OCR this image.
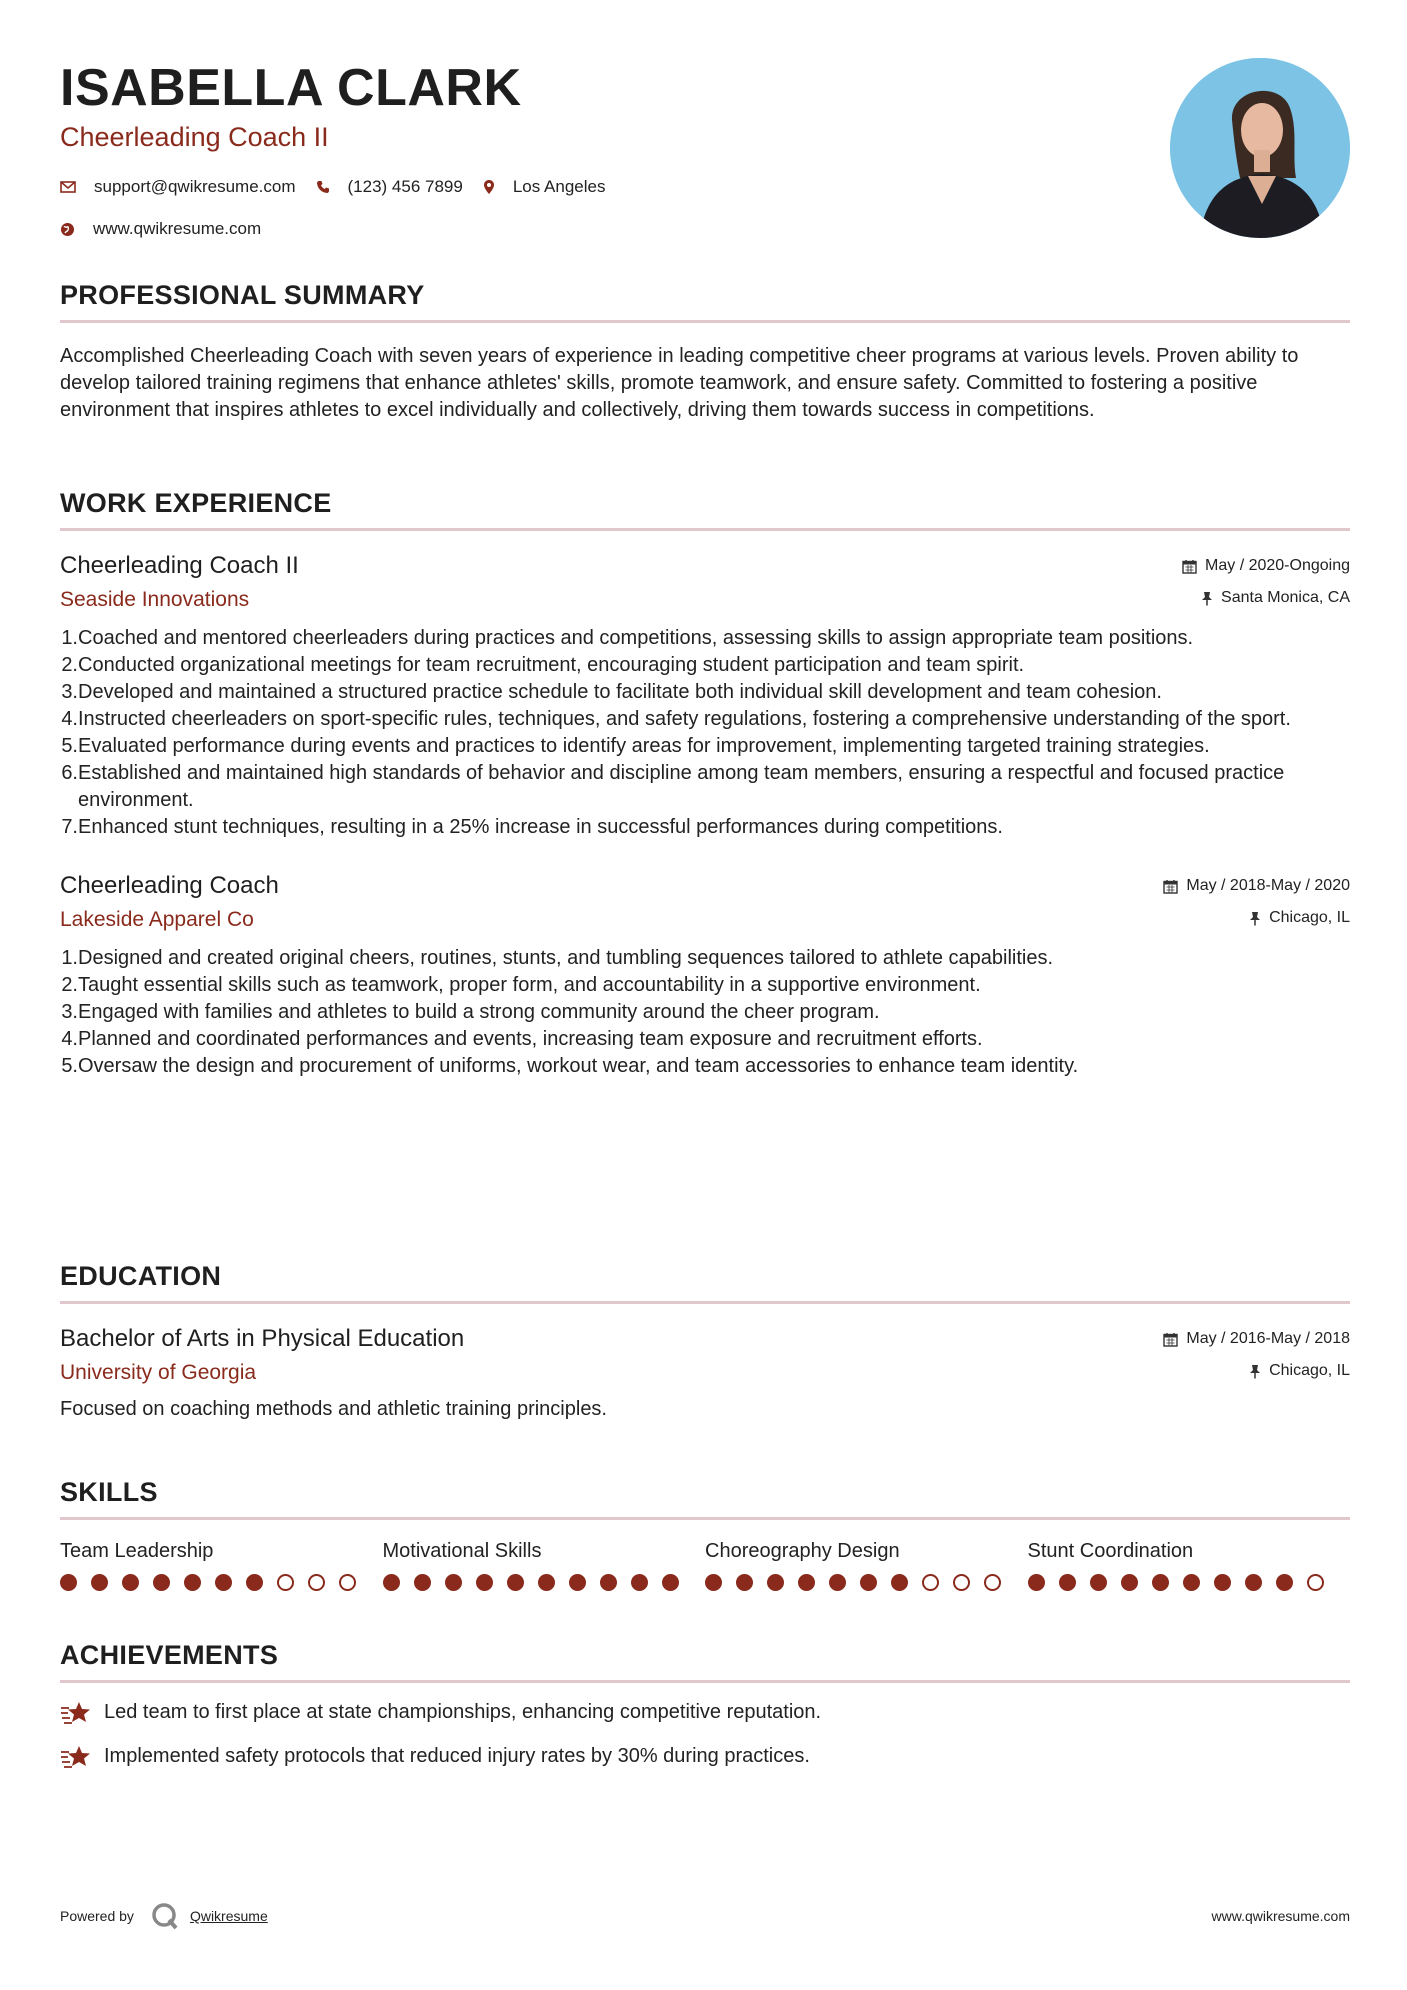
ISABELLA CLARK
Cheerleading Coach II
support@qwikresume.com	(123) 456 7899	Los Angeles
www.qwikresume.com
PROFESSIONAL SUMMARY
Accomplished Cheerleading Coach with seven years of experience in leading competitive cheer programs at various levels. Proven ability to develop tailored training regimens that enhance athletes' skills, promote teamwork, and ensure safety. Committed to fostering a positive environment that inspires athletes to excel individually and collectively, driving them towards success in competitions.
WORK EXPERIENCE
Cheerleading Coach II
Seaside Innovations
May / 2020-Ongoing
Santa Monica, CA
1. Coached and mentored cheerleaders during practices and competitions, assessing skills to assign appropriate team positions.
2. Conducted organizational meetings for team recruitment, encouraging student participation and team spirit.
3. Developed and maintained a structured practice schedule to facilitate both individual skill development and team cohesion.
4. Instructed cheerleaders on sport-specific rules, techniques, and safety regulations, fostering a comprehensive understanding of the sport.
5. Evaluated performance during events and practices to identify areas for improvement, implementing targeted training strategies.
6. Established and maintained high standards of behavior and discipline among team members, ensuring a respectful and focused practice environment.
7. Enhanced stunt techniques, resulting in a 25% increase in successful performances during competitions.
Cheerleading Coach
Lakeside Apparel Co
May / 2018-May / 2020
Chicago, IL
1. Designed and created original cheers, routines, stunts, and tumbling sequences tailored to athlete capabilities.
2. Taught essential skills such as teamwork, proper form, and accountability in a supportive environment.
3. Engaged with families and athletes to build a strong community around the cheer program.
4. Planned and coordinated performances and events, increasing team exposure and recruitment efforts.
5. Oversaw the design and procurement of uniforms, workout wear, and team accessories to enhance team identity.
EDUCATION
Bachelor of Arts in Physical Education
University of Georgia
May / 2016-May / 2018
Chicago, IL
Focused on coaching methods and athletic training principles.
SKILLS
Team Leadership	Motivational Skills	Choreography Design	Stunt Coordination
ACHIEVEMENTS
Led team to first place at state championships, enhancing competitive reputation.
Implemented safety protocols that reduced injury rates by 30% during practices.
Powered by	Qwikresume	www.qwikresume.com
